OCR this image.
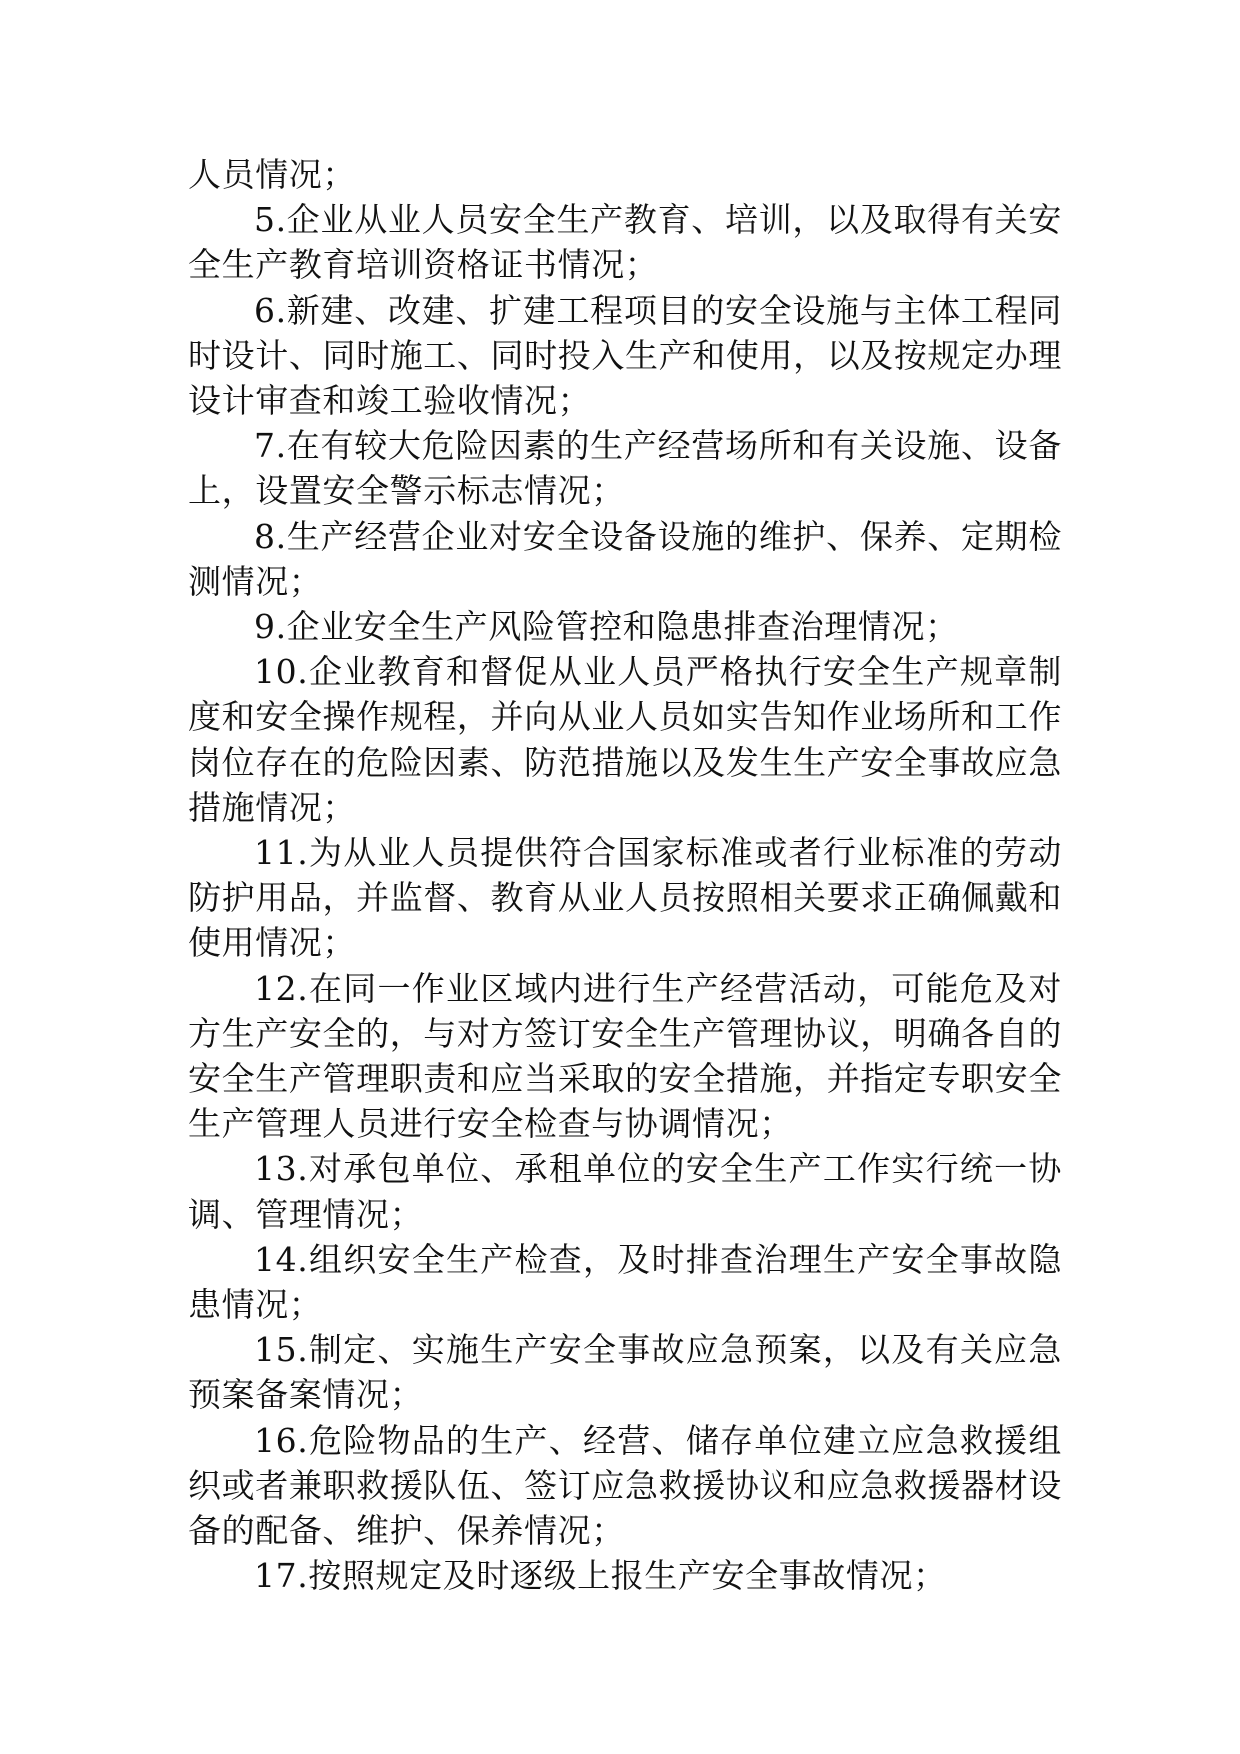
人员情况；

5.企业从业人员安全生产教育、培训，以及取得有关安全生产教育培训资格证书情况；

6.新建、改建、扩建工程项目的安全设施与主体工程同时设计、同时施工、同时投入生产和使用，以及按规定办理设计审查和竣工验收情况；

7.在有较大危险因素的生产经营场所和有关设施、设备上，设置安全警示标志情况；

8.生产经营企业对安全设备设施的维护、保养、定期检测情况；

9.企业安全生产风险管控和隐患排查治理情况；

10.企业教育和督促从业人员严格执行安全生产规章制度和安全操作规程，并向从业人员如实告知作业场所和工作岗位存在的危险因素、防范措施以及发生生产安全事故应急措施情况；

11.为从业人员提供符合国家标准或者行业标准的劳动防护用品，并监督、教育从业人员按照相关要求正确佩戴和使用情况；

12.在同一作业区域内进行生产经营活动，可能危及对方生产安全的，与对方签订安全生产管理协议，明确各自的安全生产管理职责和应当采取的安全措施，并指定专职安全生产管理人员进行安全检查与协调情况；

13.对承包单位、承租单位的安全生产工作实行统一协调、管理情况；

14.组织安全生产检查，及时排查治理生产安全事故隐患情况；

15.制定、实施生产安全事故应急预案，以及有关应急预案备案情况；

16.危险物品的生产、经营、储存单位建立应急救援组织或者兼职救援队伍、签订应急救援协议和应急救援器材设备的配备、维护、保养情况；

17.按照规定及时逐级上报生产安全事故情况；
